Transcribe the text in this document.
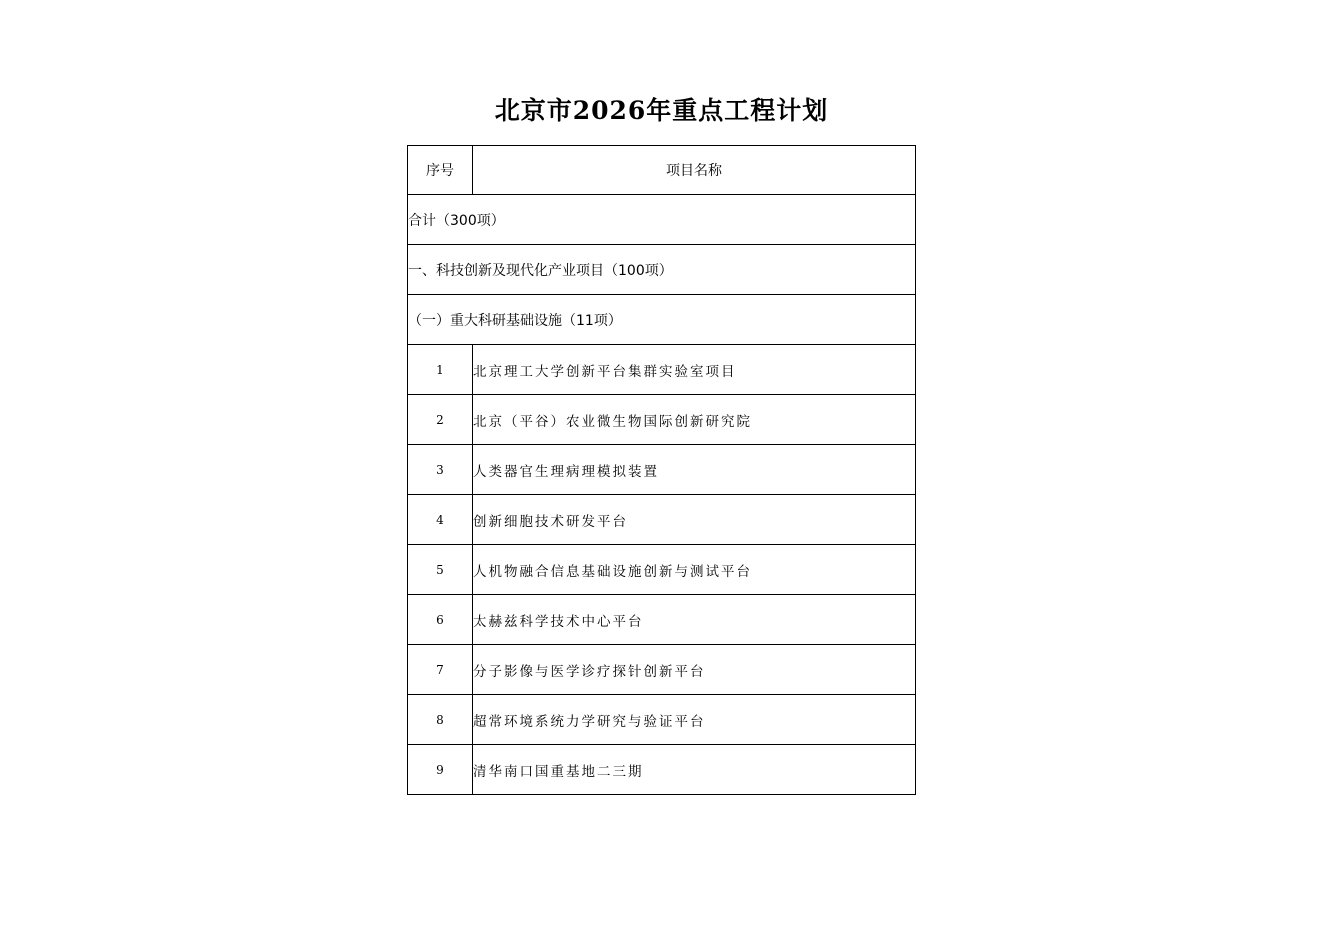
北京市2026年重点工程计划
序号	项目名称
合计（300项）	
一、科技创新及现代化产业项目（100项）	
（一）重大科研基础设施（11项）	
1	北京理工大学创新平台集群实验室项目
2	北京（平谷）农业微生物国际创新研究院
3	人类器官生理病理模拟装置
4	创新细胞技术研发平台
5	人机物融合信息基础设施创新与测试平台
6	太赫兹科学技术中心平台
7	分子影像与医学诊疗探针创新平台
8	超常环境系统力学研究与验证平台
9	清华南口国重基地二三期
